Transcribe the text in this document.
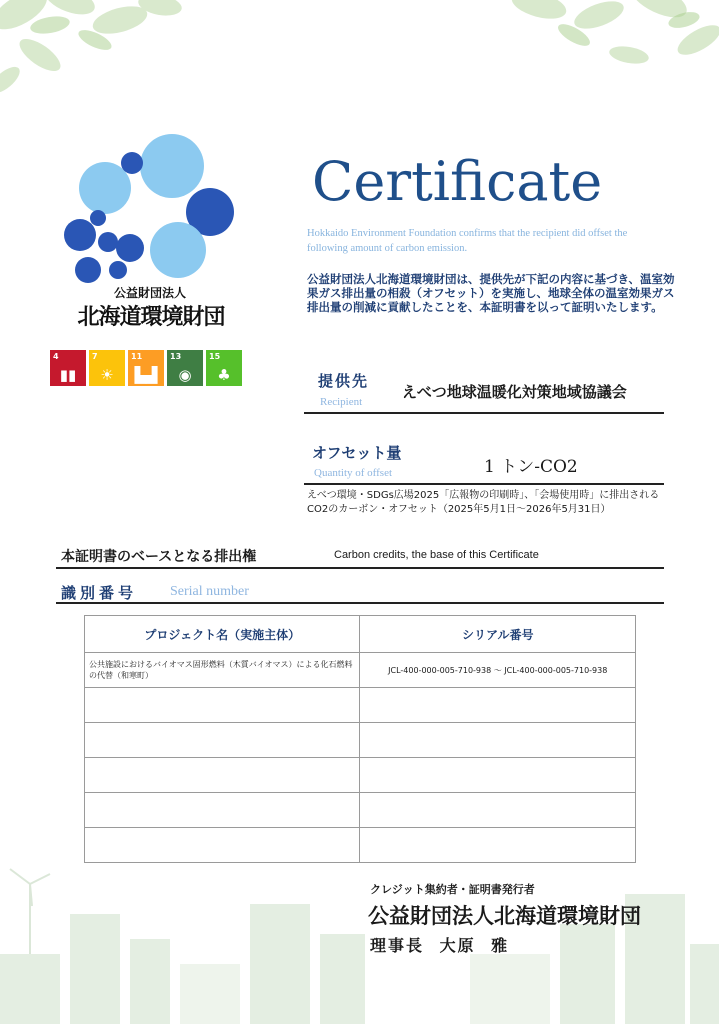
公益財団法人
北海道環境財団
4
▮▮
7
☀
11
▙▟
13
◉
15
♣
Certificate
Hokkaido Environment Foundation confirms that the recipient did offset the following amount of carbon emission.
公益財団法人北海道環境財団は、提供先が下記の内容に基づき、温室効果ガス排出量の相殺（オフセット）を実施し、地球全体の温室効果ガス排出量の削減に貢献したことを、本証明書を以って証明いたします。
提供先
Recipient
えべつ地球温暖化対策地域協議会
オフセット量
Quantity of offset	1 トン-CO2
えべつ環境・SDGs広場2025「広報物の印刷時」、「会場使用時」に排出されるCO2のカーボン・オフセット（2025年5月1日～2026年5月31日）
本証明書のベースとなる排出権	Carbon credits, the base of this Certificate
識別番号 Serial number
プロジェクト名（実施主体）	シリアル番号
公共施設におけるバイオマス固形燃料（木質バイオマス）による化石燃料の代替（和寒町）	JCL-400-000-005-710-938 ～ JCL-400-000-005-710-938

クレジット集約者・証明書発行者
公益財団法人北海道環境財団
理事長 大原 雅
